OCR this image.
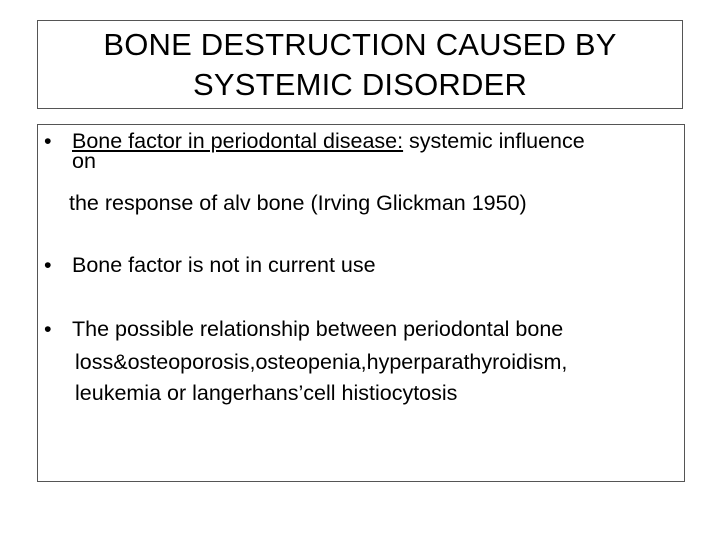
BONE DESTRUCTION CAUSED BY
SYSTEMIC DISORDER
• Bone factor in periodontal disease: systemic influence
on
the response of alv bone (Irving Glickman 1950)
• Bone factor is not in current use
• The possible relationship between periodontal bone
loss&osteoporosis,osteopenia,hyperparathyroidism,
leukemia or langerhans’cell histiocytosis
